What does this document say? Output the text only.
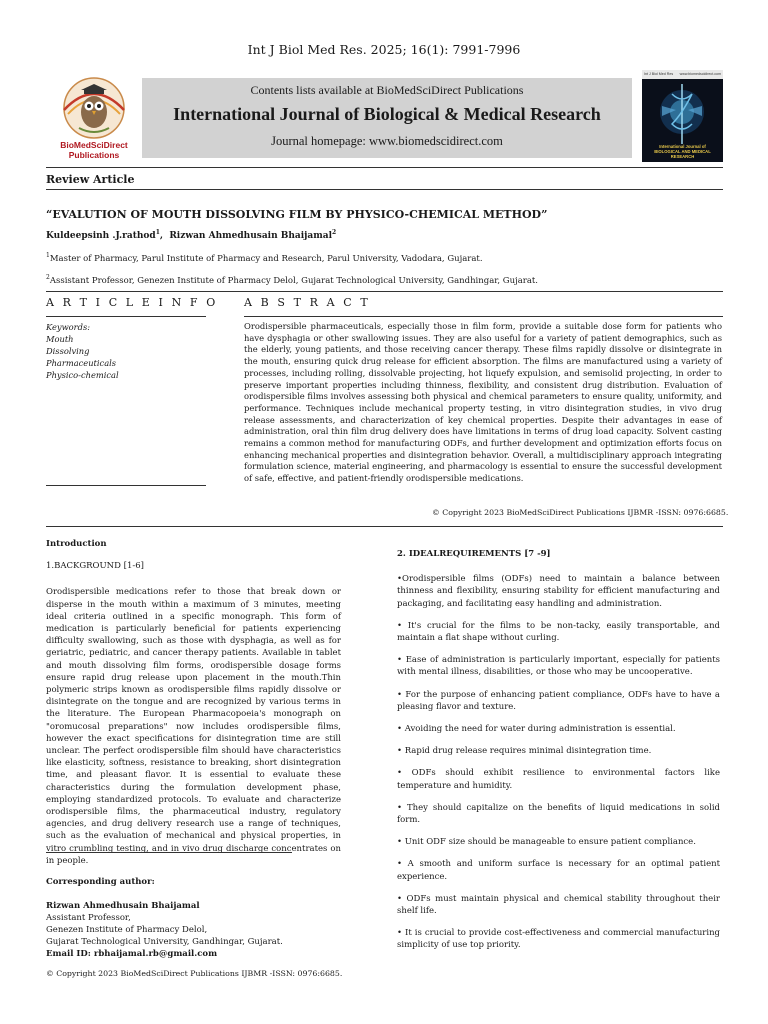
Int J Biol Med Res. 2025; 16(1): 7991-7996
BioMedSciDirect
Publications
Contents lists available at BioMedSciDirect Publications
International Journal of Biological & Medical Research
Journal homepage: www.biomedscidirect.com
Int J Biol Med Res www.biomedscidirect.com
International Journal of
BIOLOGICAL AND MEDICAL RESEARCH
Review Article
“EVALUTION OF MOUTH DISSOLVING FILM BY PHYSICO-CHEMICAL METHOD”
Kuldeepsinh .J.rathod$^1$,  Rizwan Ahmedhusain Bhaijamal$^2$
$^1$Master of Pharmacy, Parul Institute of Pharmacy and Research, Parul University, Vadodara, Gujarat.
$^2$Assistant Professor, Genezen Institute of Pharmacy Delol, Gujarat Technological University, Gandhingar, Gujarat.
A R T I C L E I N F O A B S T R A C T
Keywords:
Mouth
Dissolving
Pharmaceuticals
Physico-chemical
Orodispersible pharmaceuticals, especially those in film form, provide a suitable dose form for patients who have dysphagia or other swallowing issues. They are also useful for a variety of patient demographics, such as the elderly, young patients, and those receiving cancer therapy. These films rapidly dissolve or disintegrate in the mouth, ensuring quick drug release for efficient absorption. The films are manufactured using a variety of processes, including rolling, dissolvable projecting, hot liquefy expulsion, and semisolid projecting, in order to preserve important properties including thinness, flexibility, and consistent drug distribution. Evaluation of orodispersible films involves assessing both physical and chemical parameters to ensure quality, uniformity, and performance. Techniques include mechanical property testing, in vitro disintegration studies, in vivo drug release assessments, and characterization of key chemical properties. Despite their advantages in ease of administration, oral thin film drug delivery does have limitations in terms of drug load capacity. Solvent casting remains a common method for manufacturing ODFs, and further development and optimization efforts focus on enhancing mechanical properties and disintegration behavior. Overall, a multidisciplinary approach integrating formulation science, material engineering, and pharmacology is essential to ensure the successful development of safe, effective, and patient-friendly orodispersible medications.
© Copyright 2023 BioMedSciDirect Publications IJBMR -ISSN: 0976:6685.

Introduction

1.BACKGROUND [1-6]

Orodispersible medications refer to those that break down or disperse in the mouth within a maximum of 3 minutes, meeting ideal criteria outlined in a specific monograph. This form of medication is particularly beneficial for patients experiencing difficulty swallowing, such as those with dysphagia, as well as for geriatric, pediatric, and cancer therapy patients. Available in tablet and mouth dissolving film forms, orodispersible dosage forms ensure rapid drug release upon placement in the mouth.Thin polymeric strips known as orodispersible films rapidly dissolve or disintegrate on the tongue and are recognized by various terms in the literature. The European Pharmacopoeia's monograph on "oromucosal preparations" now includes orodispersible films, however the exact specifications for disintegration time are still unclear. The perfect orodispersible film should have characteristics like elasticity, softness, resistance to breaking, short disintegration time, and pleasant flavor. It is essential to evaluate these characteristics during the formulation development phase, employing standardized protocols. To evaluate and characterize orodispersible films, the pharmaceutical industry, regulatory agencies, and drug delivery research use a range of techniques, such as the evaluation of mechanical and physical properties, in vitro crumbling testing, and in vivo drug discharge concentrates on in people.

Corresponding author:

Rizwan Ahmedhusain Bhaijamal

Assistant Professor,

Genezen Institute of Pharmacy Delol,

Gujarat Technological University, Gandhingar, Gujarat.

Email ID: rbhaijamal.rb@gmail.com

© Copyright 2023 BioMedSciDirect Publications IJBMR -ISSN: 0976:6685.

2. IDEALREQUIREMENTS [7 -9]

•Orodispersible films (ODFs) need to maintain a balance between thinness and flexibility, ensuring stability for efficient manufacturing and packaging, and facilitating easy handling and administration.

• It's crucial for the films to be non-tacky, easily transportable, and maintain a flat shape without curling.

• Ease of administration is particularly important, especially for patients with mental illness, disabilities, or those who may be uncooperative.

• For the purpose of enhancing patient compliance, ODFs have to have a pleasing flavor and texture.

• Avoiding the need for water during administration is essential.

• Rapid drug release requires minimal disintegration time.

• ODFs should exhibit resilience to environmental factors like temperature and humidity.

• They should capitalize on the benefits of liquid medications in solid form.

• Unit ODF size should be manageable to ensure patient compliance.

• A smooth and uniform surface is necessary for an optimal patient experience.

• ODFs must maintain physical and chemical stability throughout their shelf life.

• It is crucial to provide cost-effectiveness and commercial manufacturing simplicity of use top priority.
